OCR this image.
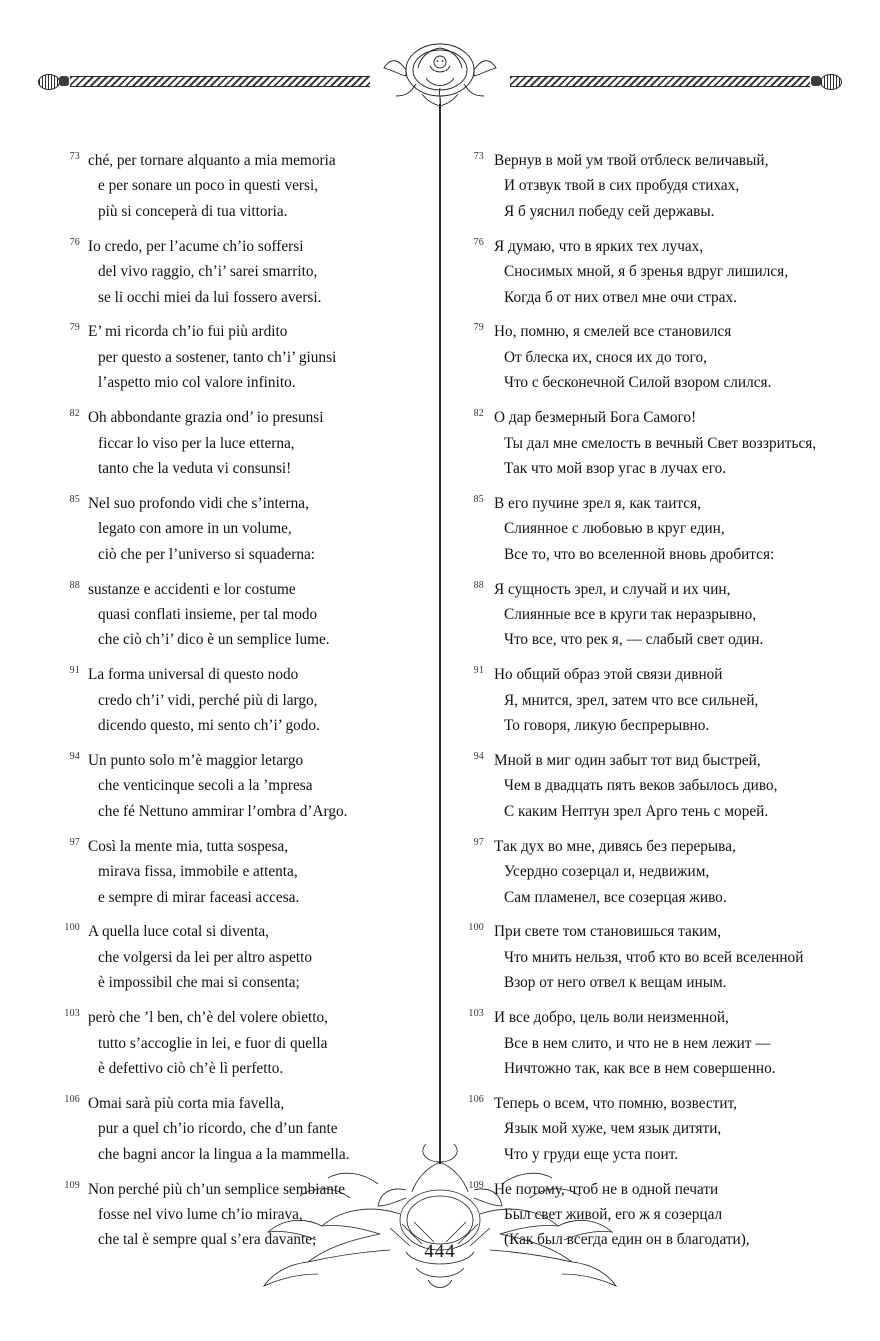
73 ché, per tornare alquanto a mia memoria
e per sonare un poco in questi versi,
più si conceperà di tua vittoria.
76 Io credo, per l’acume ch’io soffersi
del vivo raggio, ch’i’ sarei smarrito,
se li occhi miei da lui fossero aversi.
79 E’ mi ricorda ch’io fui più ardito
per questo a sostener, tanto ch’i’ giunsi
l’aspetto mio col valore infinito.
82 Oh abbondante grazia ond’ io presunsi
ficcar lo viso per la luce etterna,
tanto che la veduta vi consunsi!
85 Nel suo profondo vidi che s’interna,
legato con amore in un volume,
ciò che per l’universo si squaderna:
88 sustanze e accidenti e lor costume
quasi conflati insieme, per tal modo
che ciò ch’i’ dico è un semplice lume.
91 La forma universal di questo nodo
credo ch’i’ vidi, perché più di largo,
dicendo questo, mi sento ch’i’ godo.
94 Un punto solo m’è maggior letargo
che venticinque secoli a la ’mpresa
che fé Nettuno ammirar l’ombra d’Argo.
97 Così la mente mia, tutta sospesa,
mirava fissa, immobile e attenta,
e sempre di mirar faceasi accesa.
100 A quella luce cotal si diventa,
che volgersi da lei per altro aspetto
è impossibil che mai si consenta;
103 però che ’l ben, ch’è del volere obietto,
tutto s’accoglie in lei, e fuor di quella
è defettivo ciò ch’è lì perfetto.
106 Omai sarà più corta mia favella,
pur a quel ch’io ricordo, che d’un fante
che bagni ancor la lingua a la mammella.
109 Non perché più ch’un semplice sembiante
fosse nel vivo lume ch’io mirava,
che tal è sempre qual s’era davante;
73 Вернув в мой ум твой отблеск величавый,
И отзвук твой в сих пробудя стихах,
Я б уяснил победу сей державы.
76 Я думаю, что в ярких тех лучах,
Сносимых мной, я б зренья вдруг лишился,
Когда б от них отвел мне очи страх.
79 Но, помню, я смелей все становился
От блеска их, снося их до того,
Что с бесконечной Силой взором слился.
82 О дар безмерный Бога Самого!
Ты дал мне смелость в вечный Свет воззриться,
Так что мой взор угас в лучах его.
85 В его пучине зрел я, как таится,
Слиянное с любовью в круг един,
Все то, что во вселенной вновь дробится:
88 Я сущность зрел, и случай и их чин,
Слиянные все в круги так неразрывно,
Что все, что рек я, — слабый свет один.
91 Но общий образ этой связи дивной
Я, мнится, зрел, затем что все сильней,
То говоря, ликую беспрерывно.
94 Мной в миг один забыт тот вид быстрей,
Чем в двадцать пять веков забылось диво,
С каким Нептун зрел Арго тень с морей.
97 Так дух во мне, дивясь без перерыва,
Усердно созерцал и, недвижим,
Сам пламенел, все созерцая живо.
100 При свете том становишься таким,
Что мнить нельзя, чтоб кто во всей вселенной
Взор от него отвел к вещам иным.
103 И все добро, цель воли неизменной,
Все в нем слито, и что не в нем лежит —
Ничтожно так, как все в нем совершенно.
106 Теперь о всем, что помню, возвестит,
Язык мой хуже, чем язык дитяти,
Что у груди еще уста поит.
109 Не потому, чтоб не в одной печати
Был свет живой, его ж я созерцал
(Как был всегда един он в благодати),
444
